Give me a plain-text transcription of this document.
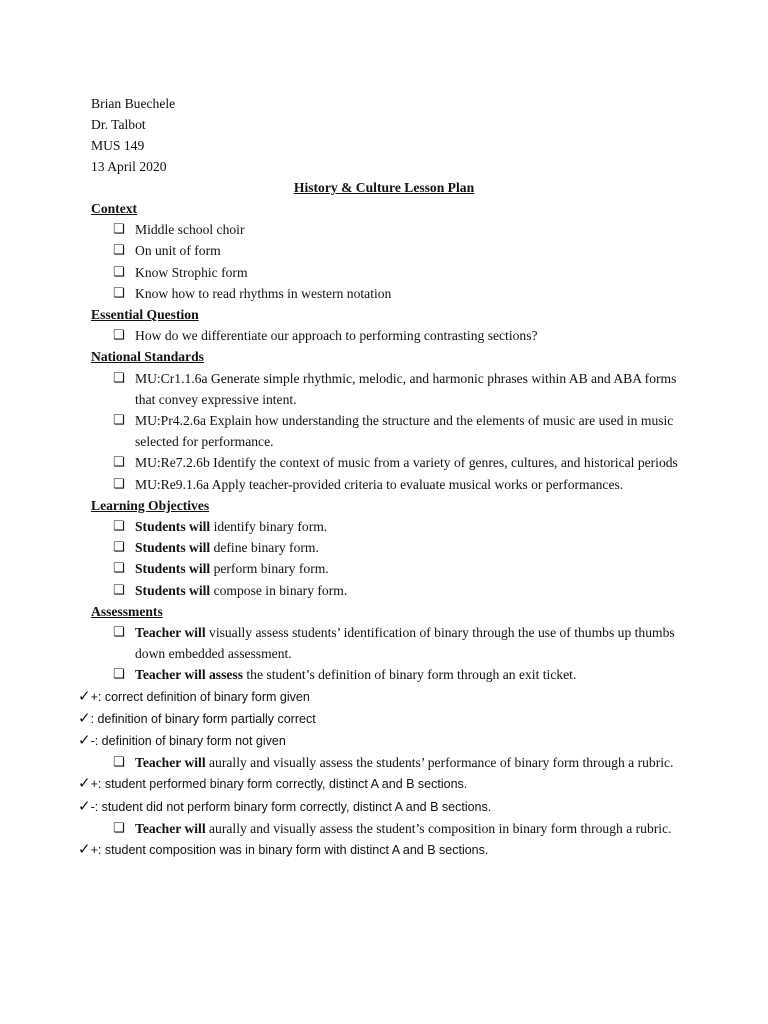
Brian Buechele
Dr. Talbot
MUS 149
13 April 2020
History & Culture Lesson Plan
Context
❏ Middle school choir
❏ On unit of form
❏ Know Strophic form
❏ Know how to read rhythms in western notation
Essential Question
❏ How do we differentiate our approach to performing contrasting sections?
National Standards
❏ MU:Cr1.1.6a Generate simple rhythmic, melodic, and harmonic phrases within AB and ABA forms that convey expressive intent.
❏ MU:Pr4.2.6a Explain how understanding the structure and the elements of music are used in music selected for performance.
❏ MU:Re7.2.6b Identify the context of music from a variety of genres, cultures, and historical periods
❏ MU:Re9.1.6a Apply teacher-provided criteria to evaluate musical works or performances.
Learning Objectives
❏ Students will identify binary form.
❏ Students will define binary form.
❏ Students will perform binary form.
❏ Students will compose in binary form.
Assessments
❏ Teacher will visually assess students’ identification of binary through the use of thumbs up thumbs down embedded assessment.
❏ Teacher will assess the student’s definition of binary form through an exit ticket.
✓+: correct definition of binary form given
✓: definition of binary form partially correct
✓-: definition of binary form not given
❏ Teacher will aurally and visually assess the students’ performance of binary form through a rubric.
✓+: student performed binary form correctly, distinct A and B sections.
✓-: student did not perform binary form correctly, distinct A and B sections.
❏ Teacher will aurally and visually assess the student’s composition in binary form through a rubric.
✓+: student composition was in binary form with distinct A and B sections.
